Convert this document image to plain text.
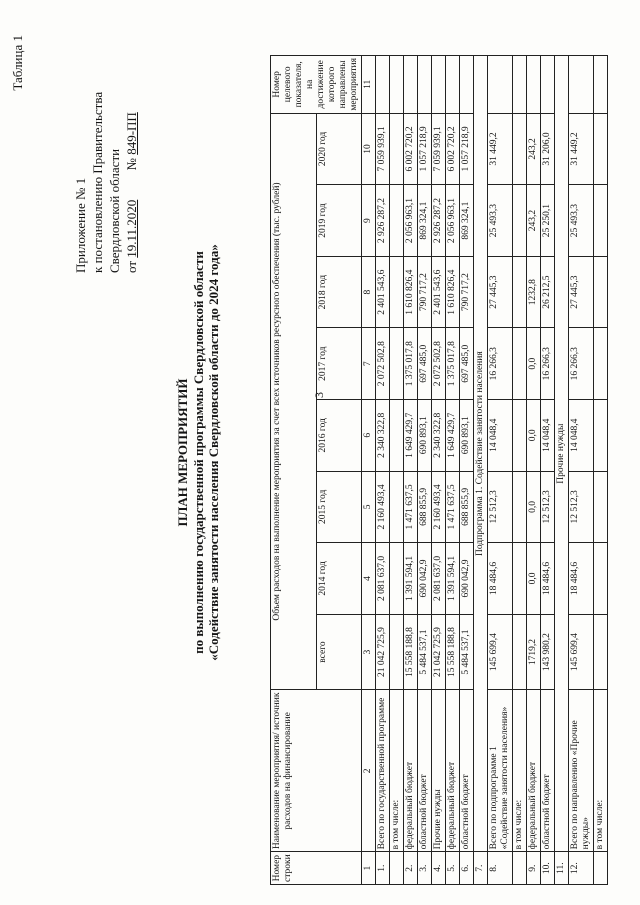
3
Приложение № 1 к постановлению Правительства Свердловской области от 19.11.2020         № 849-ПП
Таблица 1
ПЛАН МЕРОПРИЯТИЙ по выполнению государственной программы Свердловской области «Содействие занятости населения Свердловской области до 2024 года»
Номер строки	Наименование мероприятия/ источник расходов на финансирование	Объем расходов на выполнение мероприятия за счет всех источников ресурсного обеспечения (тыс. рублей)								Номер целевого показателя, на достижение которого направлены мероприятия
		всего	2014 год	2015 год	2016 год	2017 год	2018 год	2019 год	2020 год	
1	2	3	4	5	6	7	8	9	10	11
1.	Всего по государственной программе	21 042 725,9	2 081 637,0	2 160 493,4	2 340 322,8	2 072 502,8	2 401 543,6	2 926 287,2	7 059 939,1	
	в том числе:									
2.	федеральный бюджет	15 558 188,8	1 391 594,1	1 471 637,5	1 649 429,7	1 375 017,8	1 610 826,4	2 056 963,1	6 002 720,2	
3.	областной бюджет	5 484 537,1	690 042,9	688 855,9	690 893,1	697 485,0	790 717,2	869 324,1	1 057 218,9	
4.	Прочие нужды	21 042 725,9	2 081 637,0	2 160 493,4	2 340 322,8	2 072 502,8	2 401 543,6	2 926 287,2	7 059 939,1	
5.	федеральный бюджет	15 558 188,8	1 391 594,1	1 471 637,5	1 649 429,7	1 375 017,8	1 610 826,4	2 056 963,1	6 002 720,2	
6.	областной бюджет	5 484 537,1	690 042,9	688 855,9	690 893,1	697 485,0	790 717,2	869 324,1	1 057 218,9	
7.	Подпрограмма 1. Содействие занятости населения									
8.	Всего по подпрограмме 1 «Содействие занятости населения»	145 699,4	18 484,6	12 512,3	14 048,4	16 266,3	27 445,3	25 493,3	31 449,2	
	в том числе:									
9.	федеральный бюджет	1719,2	0,0	0,0	0,0	0,0	1232,8	243,2	243,2	
10.	областной бюджет	143 980,2	18 484,6	12 512,3	14 048,4	16 266,3	26 212,5	25 250,1	31 206,0	
11.	Прочие нужды									
12.	Всего по направлению «Прочие нужды»	145 699,4	18 484,6	12 512,3	14 048,4	16 266,3	27 445,3	25 493,3	31 449,2	
	в том числе:									
